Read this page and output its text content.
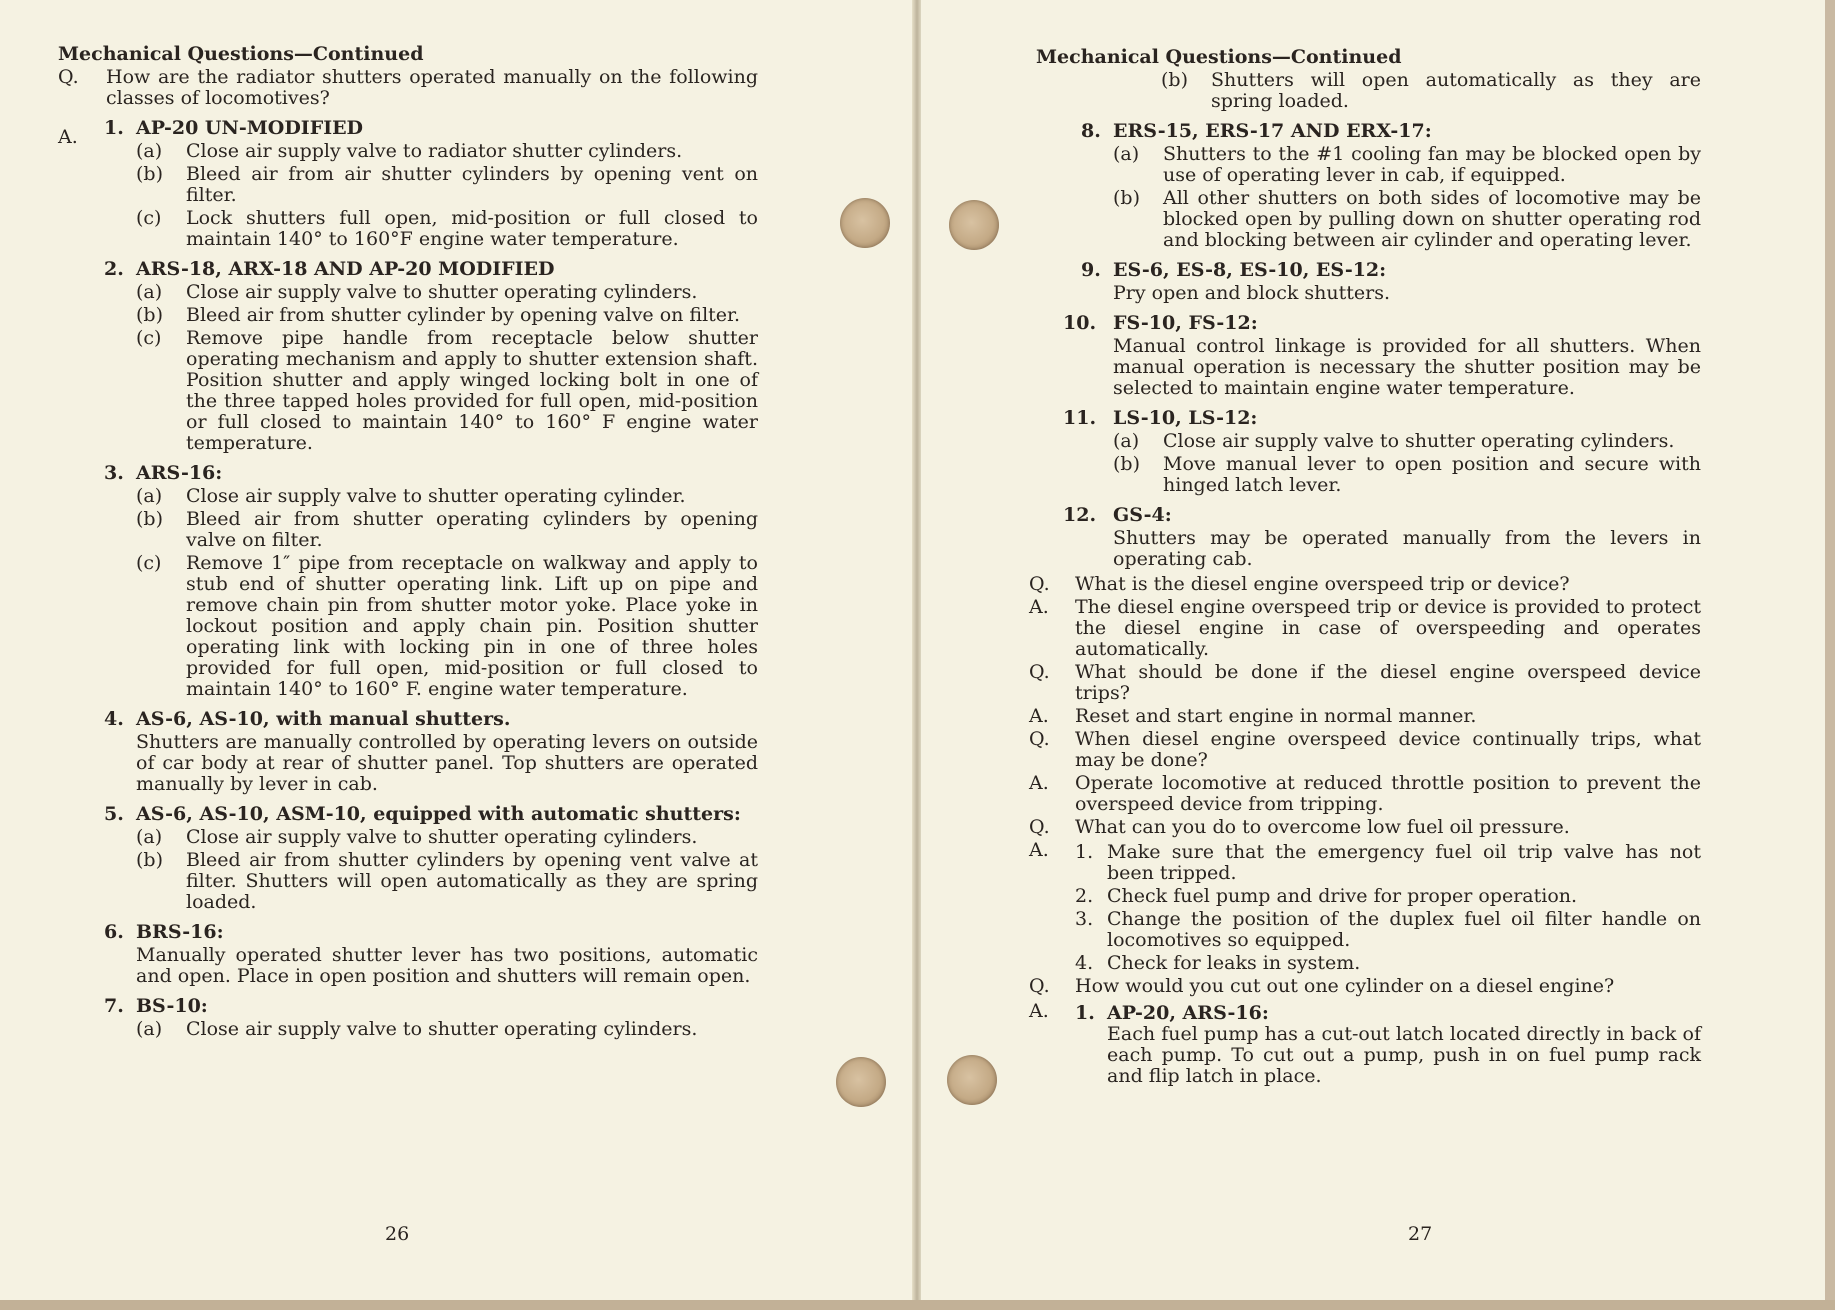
Mechanical Questions—Continued
Q.	How are the radiator shutters operated manually on the following classes of locomotives?
A. 1. AP-20 UN-MODIFIED
(a)	Close air supply valve to radiator shutter cylinders.
(b)	Bleed air from air shutter cylinders by opening vent on filter.
(c)	Lock shutters full open, mid-position or full closed to maintain 140° to 160°F engine water temperature.
2. ARS-18, ARX-18 AND AP-20 MODIFIED
(a)	Close air supply valve to shutter operating cylinders.
(b)	Bleed air from shutter cylinder by opening valve on filter.
(c)	Remove pipe handle from receptacle below shutter operating mechanism and apply to shutter extension shaft. Position shutter and apply winged locking bolt in one of the three tapped holes provided for full open, mid-position or full closed to maintain 140° to 160° F engine water temperature.
3. ARS-16:
(a)	Close air supply valve to shutter operating cylinder.
(b)	Bleed air from shutter operating cylinders by opening valve on filter.
(c)	Remove 1″ pipe from receptacle on walkway and apply to stub end of shutter operating link. Lift up on pipe and remove chain pin from shutter motor yoke. Place yoke in lockout position and apply chain pin. Position shutter operating link with locking pin in one of three holes provided for full open, mid-position or full closed to maintain 140° to 160° F. engine water temperature.
4. AS-6, AS-10, with manual shutters.
Shutters are manually controlled by operating levers on outside of car body at rear of shutter panel. Top shutters are operated manually by lever in cab.
5. AS-6, AS-10, ASM-10, equipped with automatic shutters:
(a)	Close air supply valve to shutter operating cylinders.
(b)	Bleed air from shutter cylinders by opening vent valve at filter. Shutters will open automatically as they are spring loaded.
6. BRS-16:
Manually operated shutter lever has two positions, automatic and open. Place in open position and shutters will remain open.
7. BS-10:
(a)	Close air supply valve to shutter operating cylinders.
26
Mechanical Questions—Continued
(b)	Shutters will open automatically as they are spring loaded.
8. ERS-15, ERS-17 AND ERX-17:
(a)	Shutters to the #1 cooling fan may be blocked open by use of operating lever in cab, if equipped.
(b)	All other shutters on both sides of locomotive may be blocked open by pulling down on shutter operating rod and blocking between air cylinder and operating lever.
9. ES-6, ES-8, ES-10, ES-12:
Pry open and block shutters.
10. FS-10, FS-12:
Manual control linkage is provided for all shutters. When manual operation is necessary the shutter position may be selected to maintain engine water temperature.
11. LS-10, LS-12:
(a)	Close air supply valve to shutter operating cylinders.
(b)	Move manual lever to open position and secure with hinged latch lever.
12. GS-4:
Shutters may be operated manually from the levers in operating cab.
Q.	What is the diesel engine overspeed trip or device?
A.	The diesel engine overspeed trip or device is provided to protect the diesel engine in case of overspeeding and operates automatically.
Q.	What should be done if the diesel engine overspeed device trips?
A.	Reset and start engine in normal manner.
Q.	When diesel engine overspeed device continually trips, what may be done?
A.	Operate locomotive at reduced throttle position to prevent the overspeed device from tripping.
Q.	What can you do to overcome low fuel oil pressure.
A.	1. Make sure that the emergency fuel oil trip valve has not been tripped.
2. Check fuel pump and drive for proper operation.
3. Change the position of the duplex fuel oil filter handle on locomotives so equipped.
4. Check for leaks in system.
Q.	How would you cut out one cylinder on a diesel engine?
A.	1. AP-20, ARS-16:
Each fuel pump has a cut-out latch located directly in back of each pump. To cut out a pump, push in on fuel pump rack and flip latch in place.
27
